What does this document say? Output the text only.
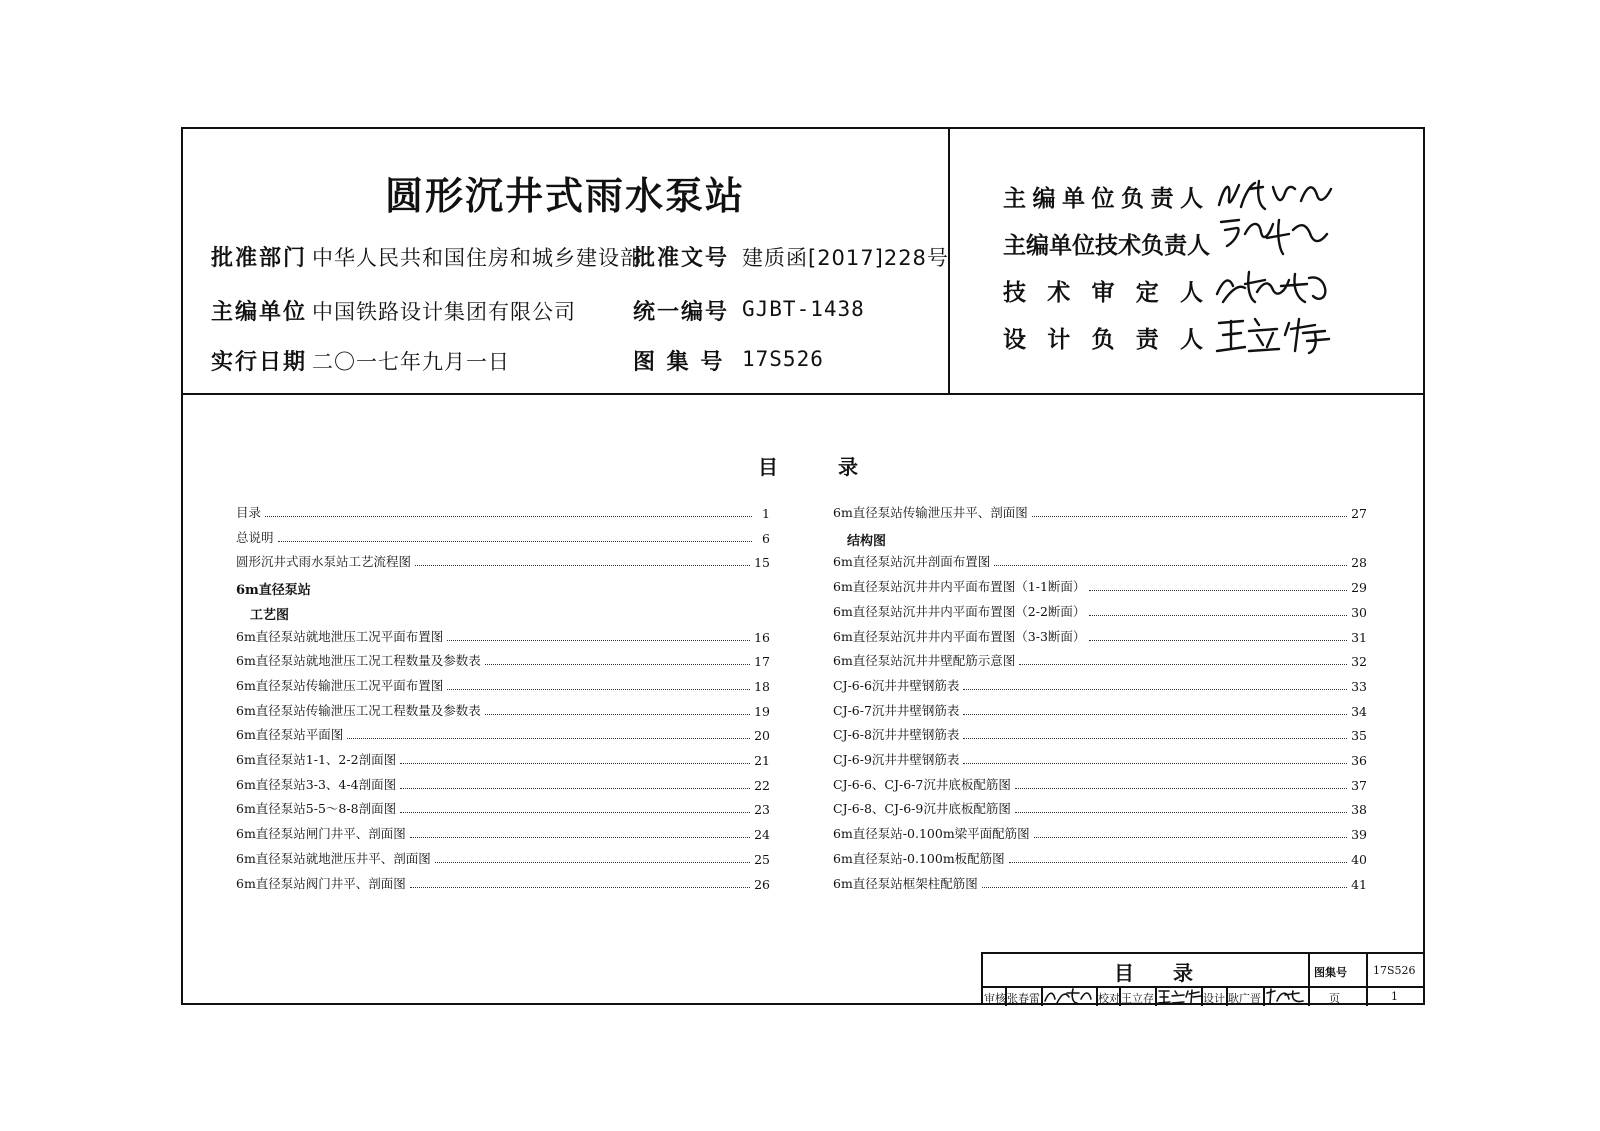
圆形沉井式雨水泵站
批准部门 中华人民共和国住房和城乡建设部
批准文号 建质函[2017]228号
主编单位 中国铁路设计集团有限公司	统一编号 GJBT-1438
实行日期 二〇一七年九月一日	图 集 号 17S526
主 编 单 位 负 责 人
主 编 单 位 技 术 负 责 人
技 术 审 定 人
设 计 负 责 人
目	录
目录	1
总说明	6
圆形沉井式雨水泵站工艺流程图	15
6m直径泵站
工艺图
6m直径泵站就地泄压工况平面布置图	16
6m直径泵站就地泄压工况工程数量及参数表	17
6m直径泵站传输泄压工况平面布置图	18
6m直径泵站传输泄压工况工程数量及参数表	19
6m直径泵站平面图	20
6m直径泵站1-1、2-2剖面图	21
6m直径泵站3-3、4-4剖面图	22
6m直径泵站5-5～8-8剖面图	23
6m直径泵站闸门井平、剖面图	24
6m直径泵站就地泄压井平、剖面图	25
6m直径泵站阀门井平、剖面图	26
6m直径泵站传输泄压井平、剖面图	27
结构图
6m直径泵站沉井剖面布置图	28
6m直径泵站沉井井内平面布置图（1-1断面）	29
6m直径泵站沉井井内平面布置图（2-2断面）	30
6m直径泵站沉井井内平面布置图（3-3断面）	31
6m直径泵站沉井井壁配筋示意图	32
CJ-6-6沉井井壁钢筋表	33
CJ-6-7沉井井壁钢筋表	34
CJ-6-8沉井井壁钢筋表	35
CJ-6-9沉井井壁钢筋表	36
CJ-6-6、CJ-6-7沉井底板配筋图	37
CJ-6-8、CJ-6-9沉井底板配筋图	38
6m直径泵站-0.100m梁平面配筋图	39
6m直径泵站-0.100m板配筋图	40
6m直径泵站框架柱配筋图	41
目 录	图集号 17S526
审核 张春雷	校对 王立存	设计 耿广晋	页	1
